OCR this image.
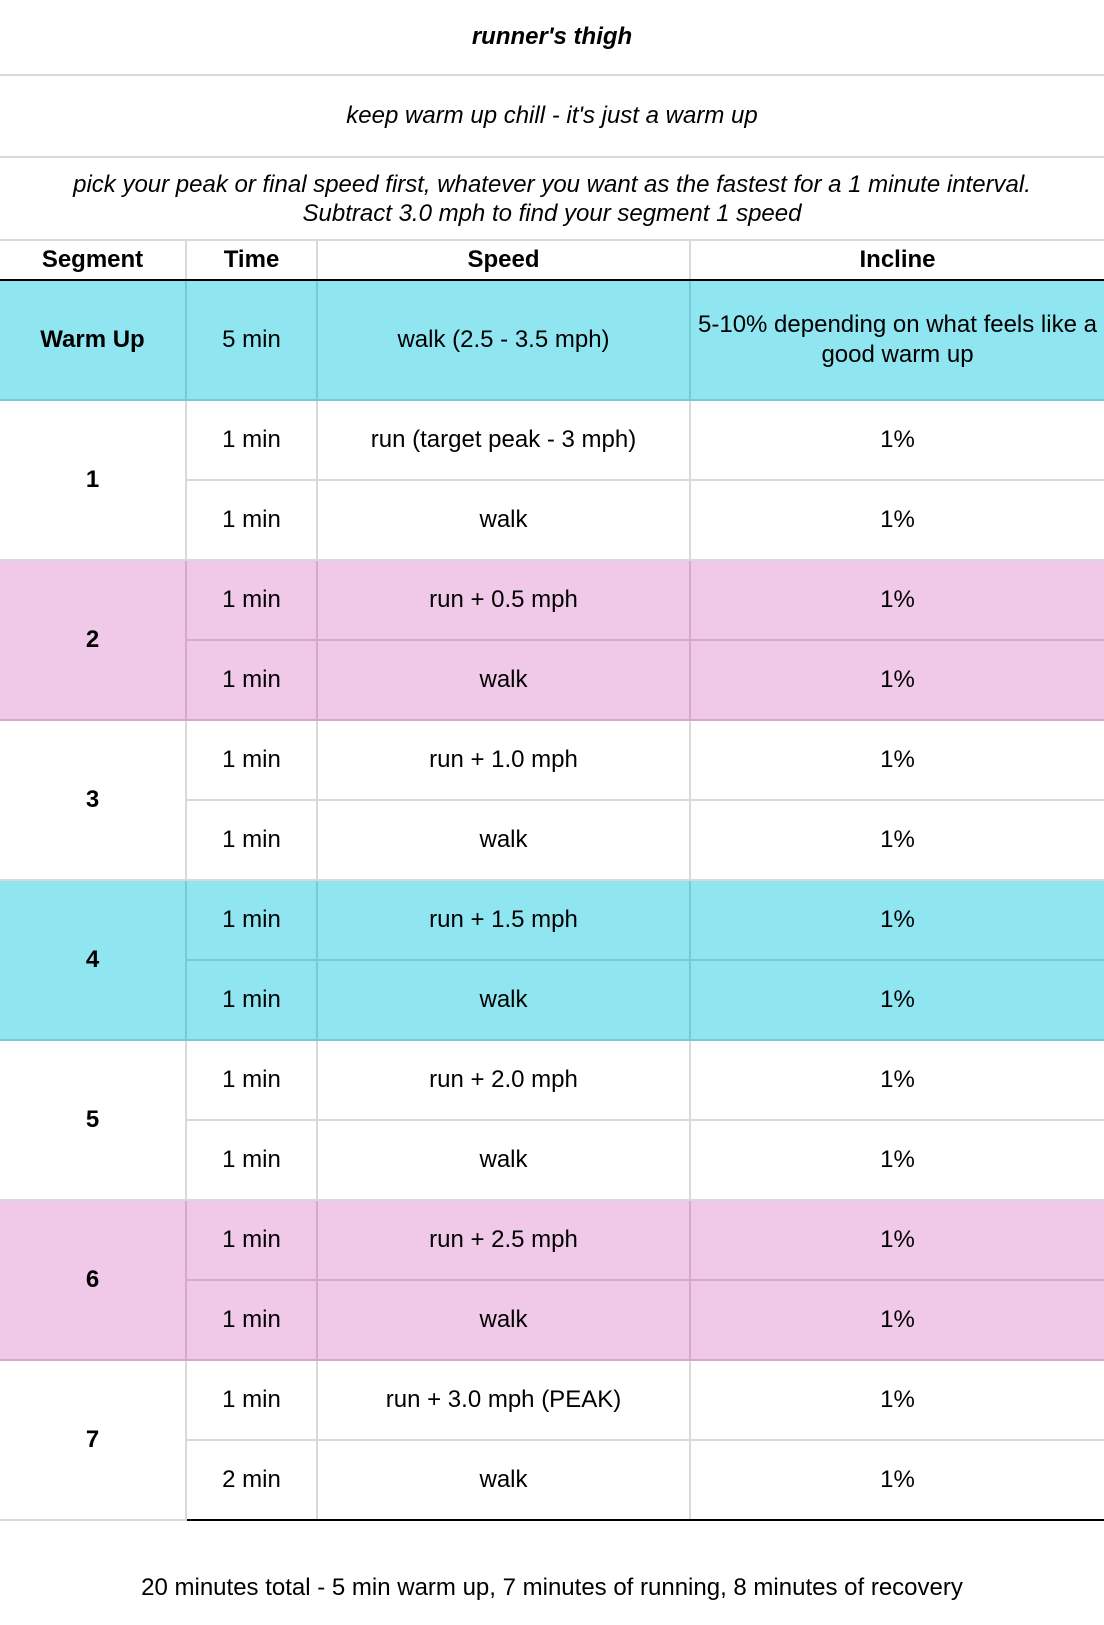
runner's thigh
keep warm up chill - it's just a warm up
pick your peak or final speed first, whatever you want as the fastest for a 1 minute interval.
Subtract 3.0 mph to find your segment 1 speed
Segment	Time	Speed	Incline
Warm Up	5 min	walk (2.5 - 3.5 mph)	5-10% depending on what feels like a good warm up
1	1 min	run (target peak - 3 mph)	1%
	1 min	walk	1%
2	1 min	run + 0.5 mph	1%
	1 min	walk	1%
3	1 min	run + 1.0 mph	1%
	1 min	walk	1%
4	1 min	run + 1.5 mph	1%
	1 min	walk	1%
5	1 min	run + 2.0 mph	1%
	1 min	walk	1%
6	1 min	run + 2.5 mph	1%
	1 min	walk	1%
7	1 min	run + 3.0 mph (PEAK)	1%
	2 min	walk	1%
20 minutes total - 5 min warm up, 7 minutes of running, 8 minutes of recovery
